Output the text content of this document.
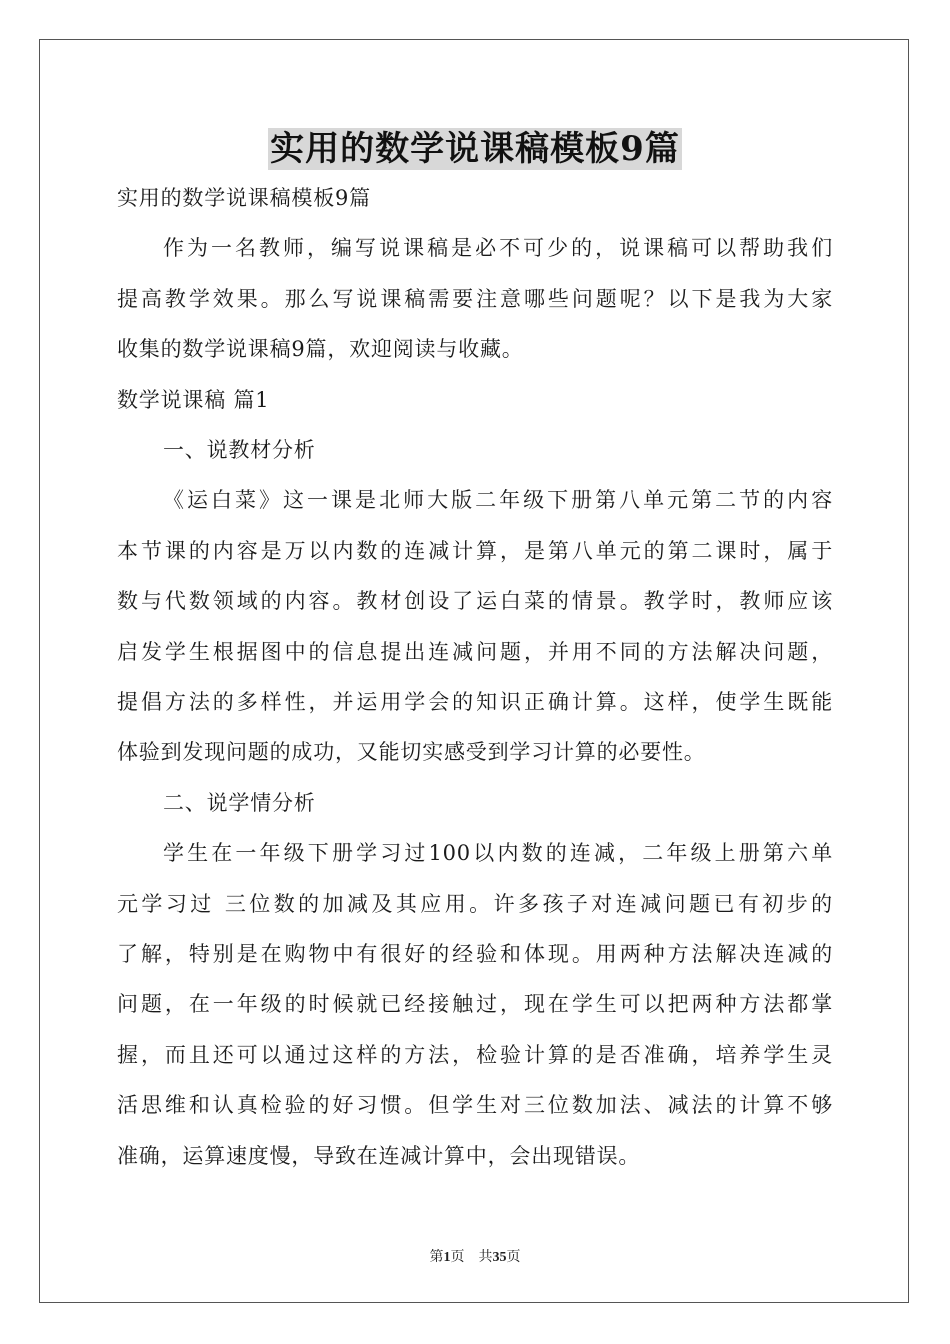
实用的数学说课稿模板9篇
实用的数学说课稿模板9篇
作为一名教师，编写说课稿是必不可少的，说课稿可以帮助我们
提高教学效果。那么写说课稿需要注意哪些问题呢？以下是我为大家
收集的数学说课稿9篇，欢迎阅读与收藏。
数学说课稿 篇1
一、说教材分析
《运白菜》这一课是北师大版二年级下册第八单元第二节的内容
本节课的内容是万以内数的连减计算，是第八单元的第二课时，属于
数与代数领域的内容。教材创设了运白菜的情景。教学时，教师应该
启发学生根据图中的信息提出连减问题，并用不同的方法解决问题，
提倡方法的多样性，并运用学会的知识正确计算。这样，使学生既能
体验到发现问题的成功，又能切实感受到学习计算的必要性。
二、说学情分析
学生在一年级下册学习过100以内数的连减，二年级上册第六单
元学习过 三位数的加减及其应用。许多孩子对连减问题已有初步的
了解，特别是在购物中有很好的经验和体现。用两种方法解决连减的
问题，在一年级的时候就已经接触过，现在学生可以把两种方法都掌
握，而且还可以通过这样的方法，检验计算的是否准确，培养学生灵
活思维和认真检验的好习惯。但学生对三位数加法、减法的计算不够
准确，运算速度慢，导致在连减计算中，会出现错误。
第1页 共35页
